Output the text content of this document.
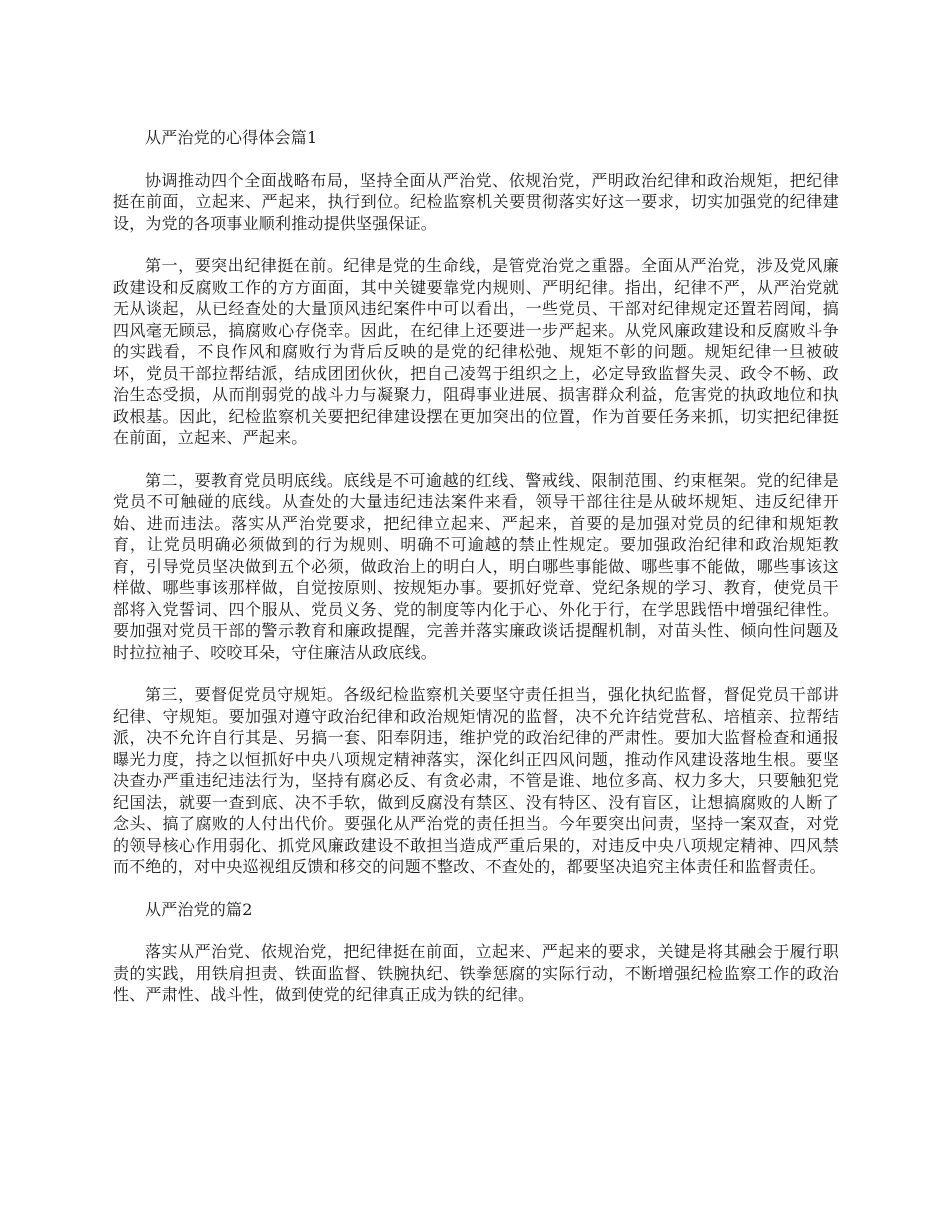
从严治党的心得体会篇1

协调推动四个全面战略布局，坚持全面从严治党、依规治党，严明政治纪律和政治规矩，把纪律挺在前面，立起来、严起来，执行到位。纪检监察机关要贯彻落实好这一要求，切实加强党的纪律建设，为党的各项事业顺利推动提供坚强保证。

第一，要突出纪律挺在前。纪律是党的生命线，是管党治党之重器。全面从严治党，涉及党风廉政建设和反腐败工作的方方面面，其中关键要靠党内规则、严明纪律。指出，纪律不严，从严治党就无从谈起，从已经查处的大量顶风违纪案件中可以看出，一些党员、干部对纪律规定还置若罔闻，搞四风毫无顾忌，搞腐败心存侥幸。因此，在纪律上还要进一步严起来。从党风廉政建设和反腐败斗争的实践看，不良作风和腐败行为背后反映的是党的纪律松弛、规矩不彰的问题。规矩纪律一旦被破坏，党员干部拉帮结派，结成团团伙伙，把自己凌驾于组织之上，必定导致监督失灵、政令不畅、政治生态受损，从而削弱党的战斗力与凝聚力，阻碍事业进展、损害群众利益，危害党的执政地位和执政根基。因此，纪检监察机关要把纪律建设摆在更加突出的位置，作为首要任务来抓，切实把纪律挺在前面，立起来、严起来。

第二，要教育党员明底线。底线是不可逾越的红线、警戒线、限制范围、约束框架。党的纪律是党员不可触碰的底线。从查处的大量违纪违法案件来看，领导干部往往是从破坏规矩、违反纪律开始、进而违法。落实从严治党要求，把纪律立起来、严起来，首要的是加强对党员的纪律和规矩教育，让党员明确必须做到的行为规则、明确不可逾越的禁止性规定。要加强政治纪律和政治规矩教育，引导党员坚决做到五个必须，做政治上的明白人，明白哪些事能做、哪些事不能做，哪些事该这样做、哪些事该那样做，自觉按原则、按规矩办事。要抓好党章、党纪条规的学习、教育，使党员干部将入党誓词、四个服从、党员义务、党的制度等内化于心、外化于行，在学思践悟中增强纪律性。要加强对党员干部的警示教育和廉政提醒，完善并落实廉政谈话提醒机制，对苗头性、倾向性问题及时拉拉袖子、咬咬耳朵，守住廉洁从政底线。

第三，要督促党员守规矩。各级纪检监察机关要坚守责任担当，强化执纪监督，督促党员干部讲纪律、守规矩。要加强对遵守政治纪律和政治规矩情况的监督，决不允许结党营私、培植亲、拉帮结派，决不允许自行其是、另搞一套、阳奉阴违，维护党的政治纪律的严肃性。要加大监督检查和通报曝光力度，持之以恒抓好中央八项规定精神落实，深化纠正四风问题，推动作风建设落地生根。要坚决查办严重违纪违法行为，坚持有腐必反、有贪必肃，不管是谁、地位多高、权力多大，只要触犯党纪国法，就要一查到底、决不手软，做到反腐没有禁区、没有特区、没有盲区，让想搞腐败的人断了念头、搞了腐败的人付出代价。要强化从严治党的责任担当。今年要突出问责，坚持一案双查，对党的领导核心作用弱化、抓党风廉政建设不敢担当造成严重后果的，对违反中央八项规定精神、四风禁而不绝的，对中央巡视组反馈和移交的问题不整改、不查处的，都要坚决追究主体责任和监督责任。

从严治党的篇2

落实从严治党、依规治党，把纪律挺在前面，立起来、严起来的要求，关键是将其融会于履行职责的实践，用铁肩担责、铁面监督、铁腕执纪、铁拳惩腐的实际行动，不断增强纪检监察工作的政治性、严肃性、战斗性，做到使党的纪律真正成为铁的纪律。
